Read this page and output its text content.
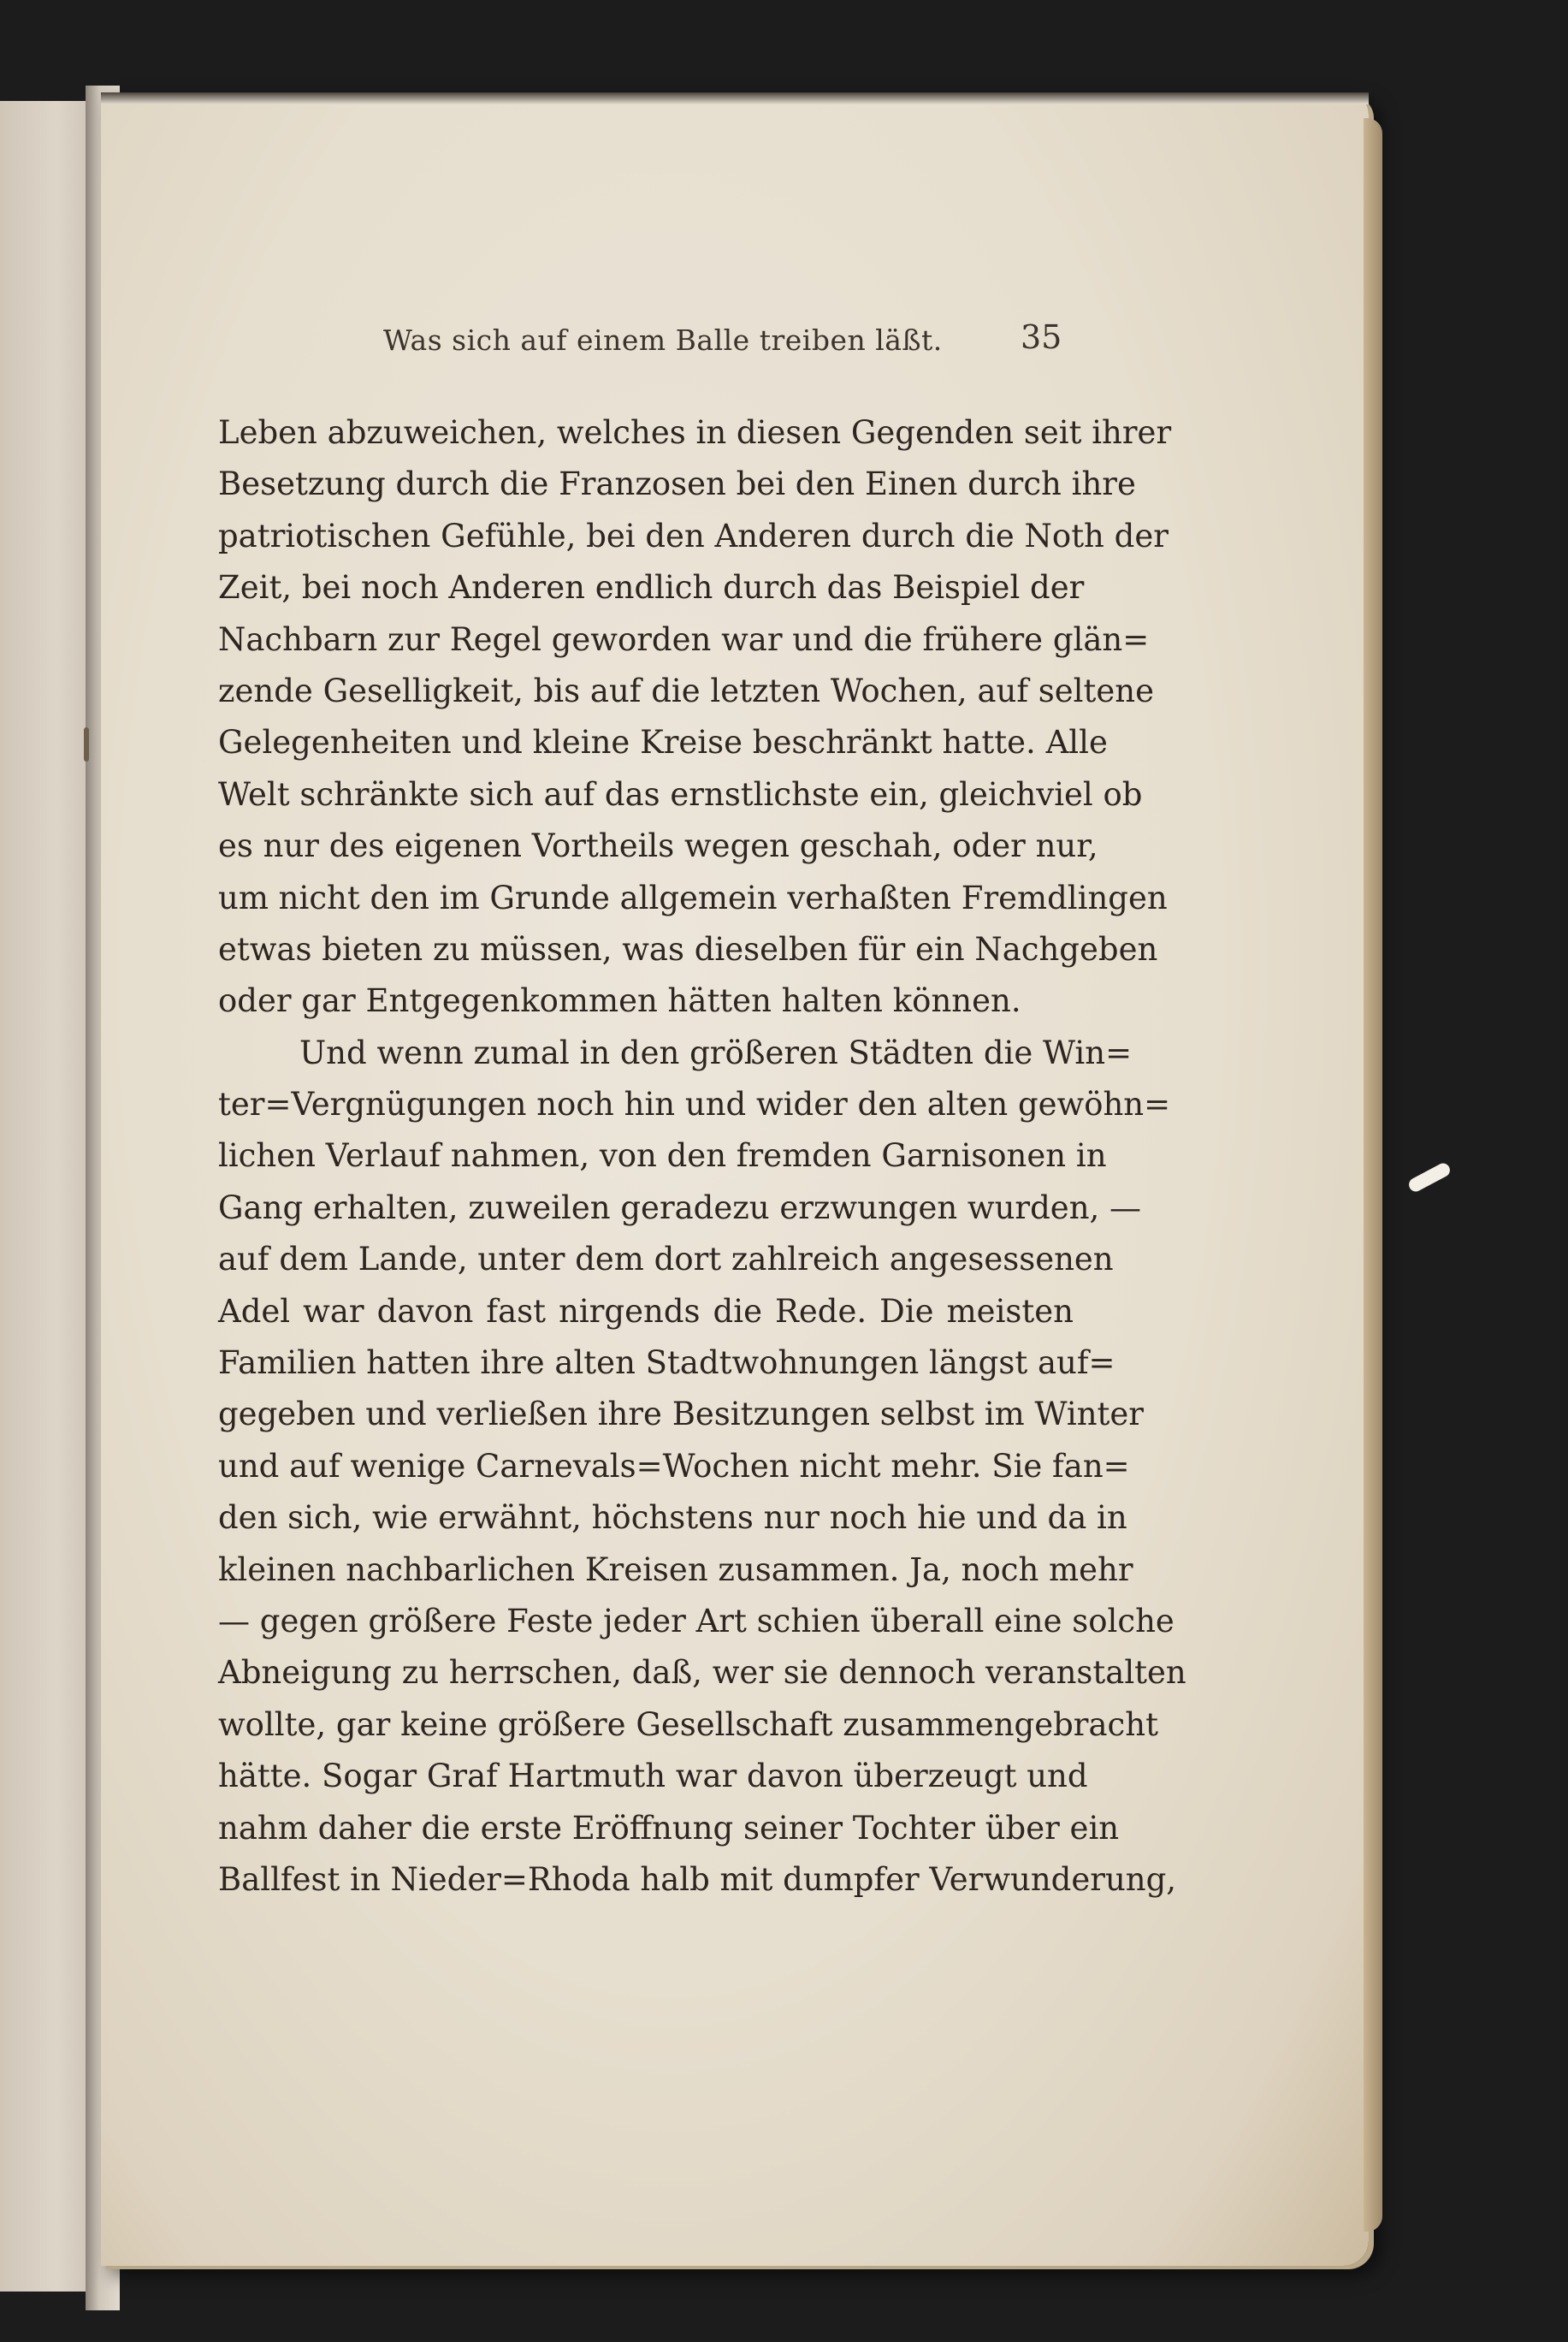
Was sich auf einem Balle treiben läßt. 35
Leben abzuweichen, welches in diesen Gegenden seit ihrer
Besetzung durch die Franzosen bei den Einen durch ihre
patriotischen Gefühle, bei den Anderen durch die Noth der
Zeit, bei noch Anderen endlich durch das Beispiel der
Nachbarn zur Regel geworden war und die frühere glän=
zende Geselligkeit, bis auf die letzten Wochen, auf seltene
Gelegenheiten und kleine Kreise beschränkt hatte. Alle
Welt schränkte sich auf das ernstlichste ein, gleichviel ob
es nur des eigenen Vortheils wegen geschah, oder nur,
um nicht den im Grunde allgemein verhaßten Fremdlingen
etwas bieten zu müssen, was dieselben für ein Nachgeben
oder gar Entgegenkommen hätten halten können.
Und wenn zumal in den größeren Städten die Win=
ter=Vergnügungen noch hin und wider den alten gewöhn=
lichen Verlauf nahmen, von den fremden Garnisonen in
Gang erhalten, zuweilen geradezu erzwungen wurden, —
auf dem Lande, unter dem dort zahlreich angesessenen
Adel war davon fast nirgends die Rede. Die meisten
Familien hatten ihre alten Stadtwohnungen längst auf=
gegeben und verließen ihre Besitzungen selbst im Winter
und auf wenige Carnevals=Wochen nicht mehr. Sie fan=
den sich, wie erwähnt, höchstens nur noch hie und da in
kleinen nachbarlichen Kreisen zusammen. Ja, noch mehr
— gegen größere Feste jeder Art schien überall eine solche
Abneigung zu herrschen, daß, wer sie dennoch veranstalten
wollte, gar keine größere Gesellschaft zusammengebracht
hätte. Sogar Graf Hartmuth war davon überzeugt und
nahm daher die erste Eröffnung seiner Tochter über ein
Ballfest in Nieder=Rhoda halb mit dumpfer Verwunderung,
